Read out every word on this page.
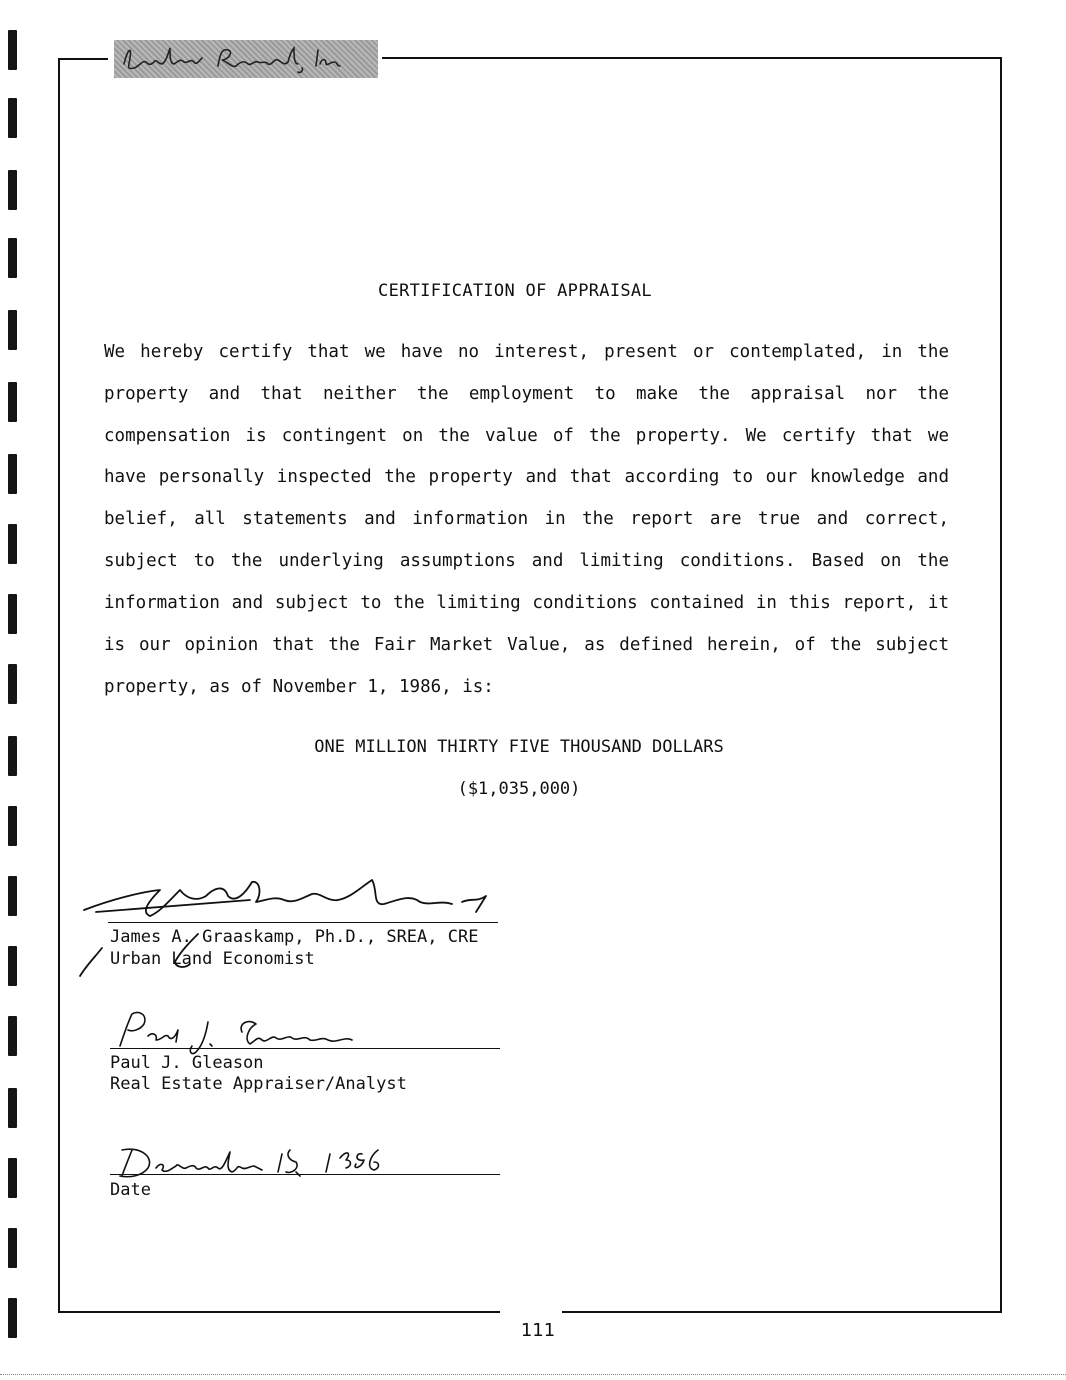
CERTIFICATION OF APPRAISAL
We hereby certify that we have no interest, present or contemplated, in the
property and that neither the employment to make the appraisal nor the
compensation is contingent on the value of the property. We certify that we
have personally inspected the property and that according to our knowledge and
belief, all statements and information in the report are true and correct,
subject to the underlying assumptions and limiting conditions. Based on the
information and subject to the limiting conditions contained in this report, it
is our opinion that the Fair Market Value, as defined herein, of the subject
property, as of November 1, 1986, is:
ONE MILLION THIRTY FIVE THOUSAND DOLLARS
($1,035,000)
James A. Graaskamp, Ph.D., SREA, CRE
Urban Land Economist
Paul J. Gleason
Real Estate Appraiser/Analyst
Date
111
